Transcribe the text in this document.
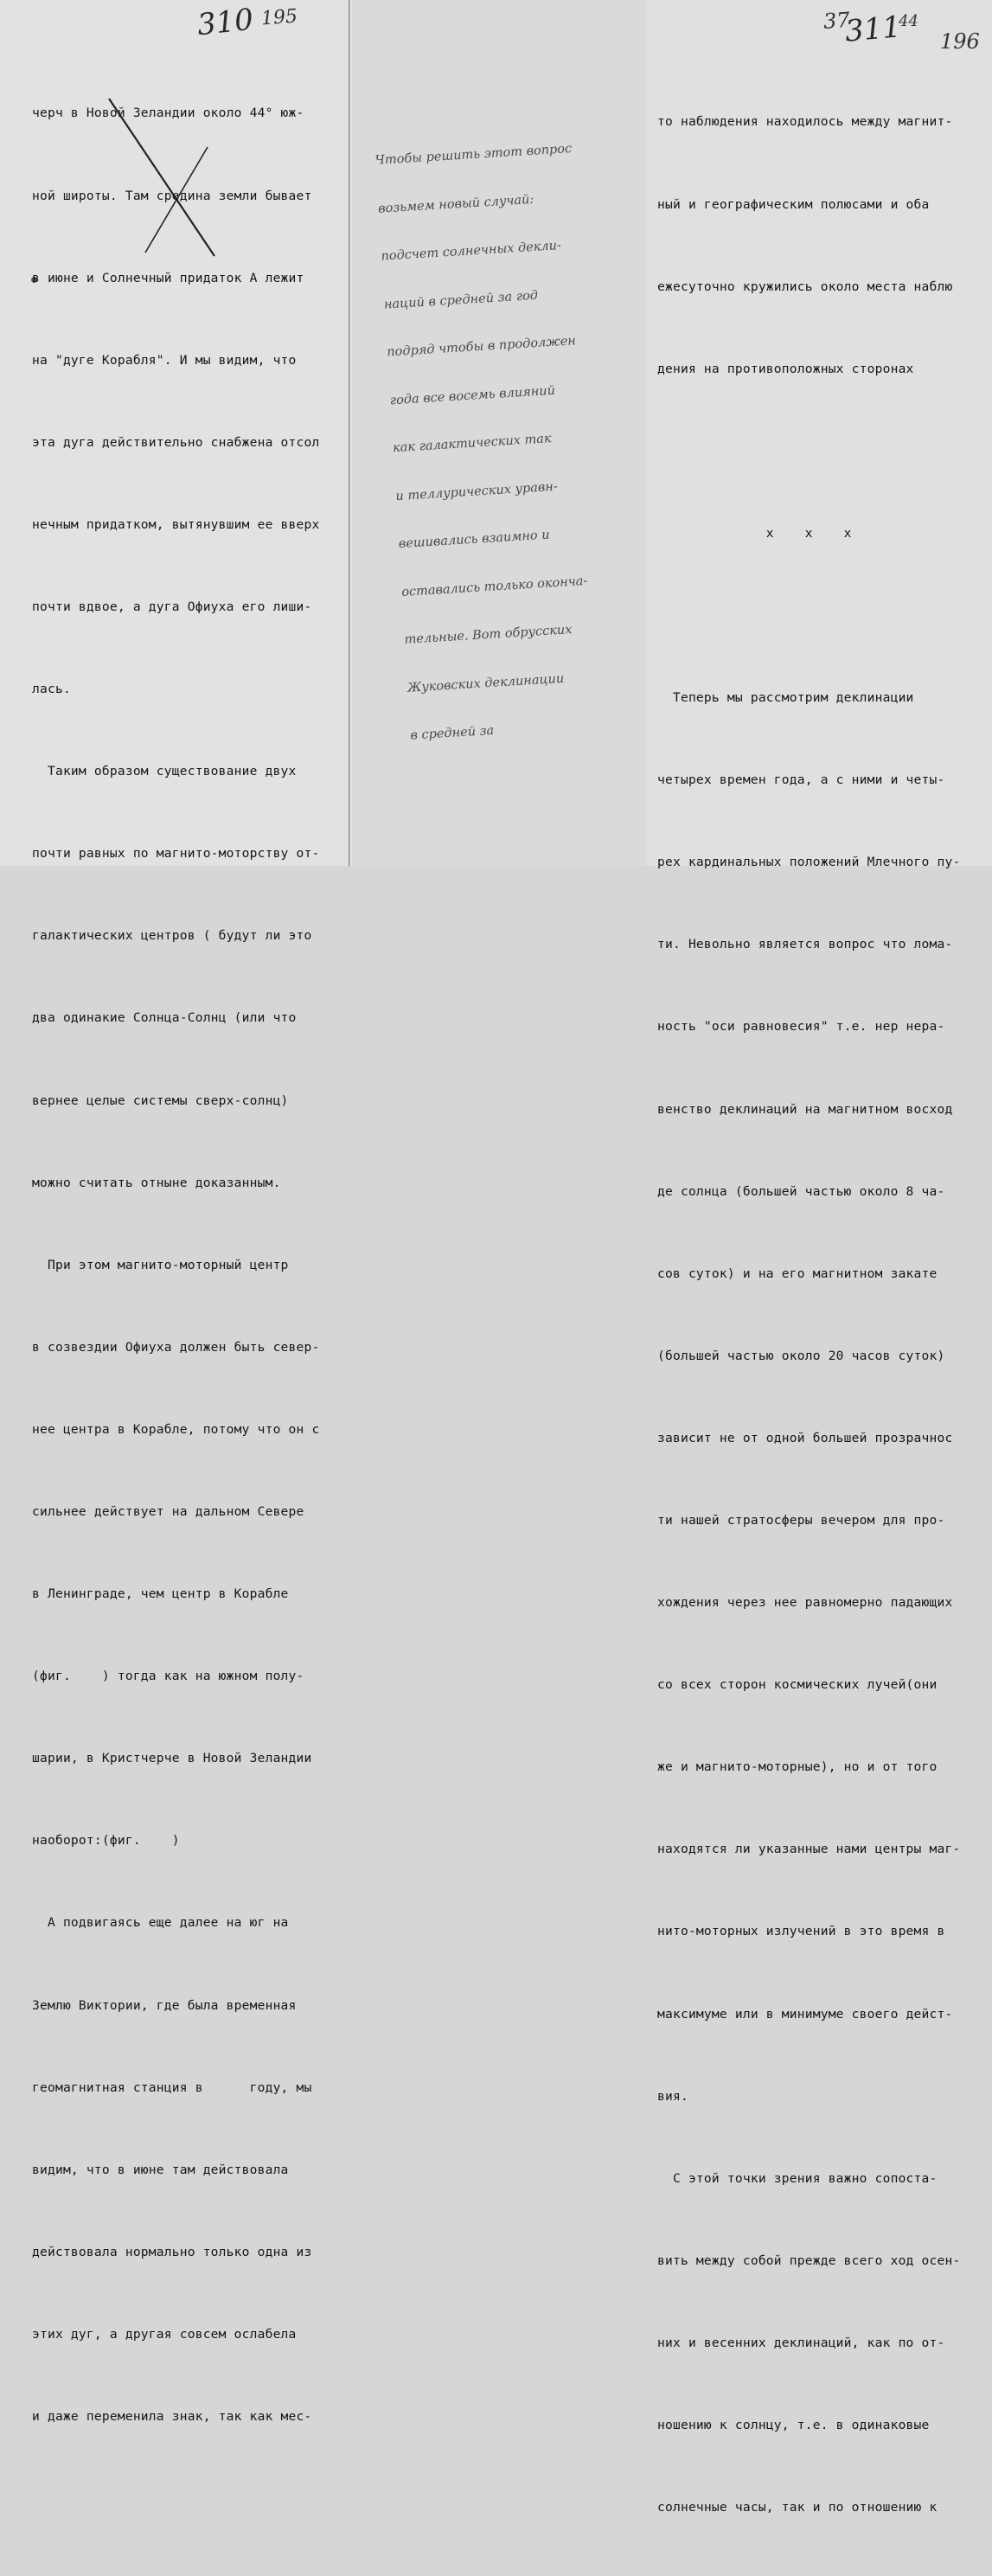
310 195

черч в Новой Зеландии около 44° юж-

ной широты. Там средина земли бывает

в июне и Солнечный придаток А лежит

на "дуге Корабля". И мы видим, что

эта дуга действительно снабжена отсол

нечным придатком, вытянувшим ее вверх

почти вдвое, а дуга Офиуха его лиши-

лась.

Таким образом существование двух

почти равных по магнито-моторству от-

галактических центров ( будут ли это

два одинакие Солнца-Солнц (или что

вернее целые системы сверх-солнц)

можно считать отныне доказанным.

При этом магнито-моторный центр

в созвездии Офиуха должен быть север-

нее центра в Корабле, потому что он с

сильнее действует на дальном Севере

в Ленинграде, чем центр в Корабле

(фиг.    ) тогда как на южном полу-

шарии, в Кристчерче в Новой Зеландии

наоборот:(фиг.    )

А подвигаясь еще далее на юг на

Землю Виктории, где была временная

геомагнитная станция в      году, мы

видим, что в июне там действовала

действовала нормально только одна из

этих дуг, а другая совсем ослабела

и даже переменила знак, так как мес-

Чтобы решить этот вопрос

возьмем новый случай:

подсчет солнечных декли-

наций в средней за год

подряд чтобы в продолжен

года все восемь влияний

как галактических так

и теллурических уравн-

вешивались взаимно и

оставались только оконча-

тельные. Вот обрусских

Жуковских деклинации

в средней за

37
311
44
196

то наблюдения находилось между магнит-

ный и географическим полюсами и оба

ежесуточно кружились около места наблю

дения на противоположных сторонах

x    x    x

Теперь мы рассмотрим деклинации

четырех времен года, а с ними и четы-

рех кардинальных положений Млечного пу-

ти. Невольно является вопрос что лома-

ность "оси равновесия" т.е. нер нера-

венство деклинаций на магнитном восход

де солнца (большей частью около 8 ча-

сов суток) и на его магнитном закате

(большей частью около 20 часов суток)

зависит не от одной большей прозрачнос

ти нашей стратосферы вечером для про-

хождения через нее равномерно падающих

со всех сторон космических лучей(они

же и магнито-моторные), но и от того

находятся ли указанные нами центры маг-

нито-моторных излучений в это время в

максимуме или в минимуме своего дейст-

вия.

С этой точки зрения важно сопоста-

вить между собой прежде всего ход осен-

них и весенних деклинаций, как по от-

ношению к солнцу, т.е. в одинаковые

солнечные часы, так и по отношению к
